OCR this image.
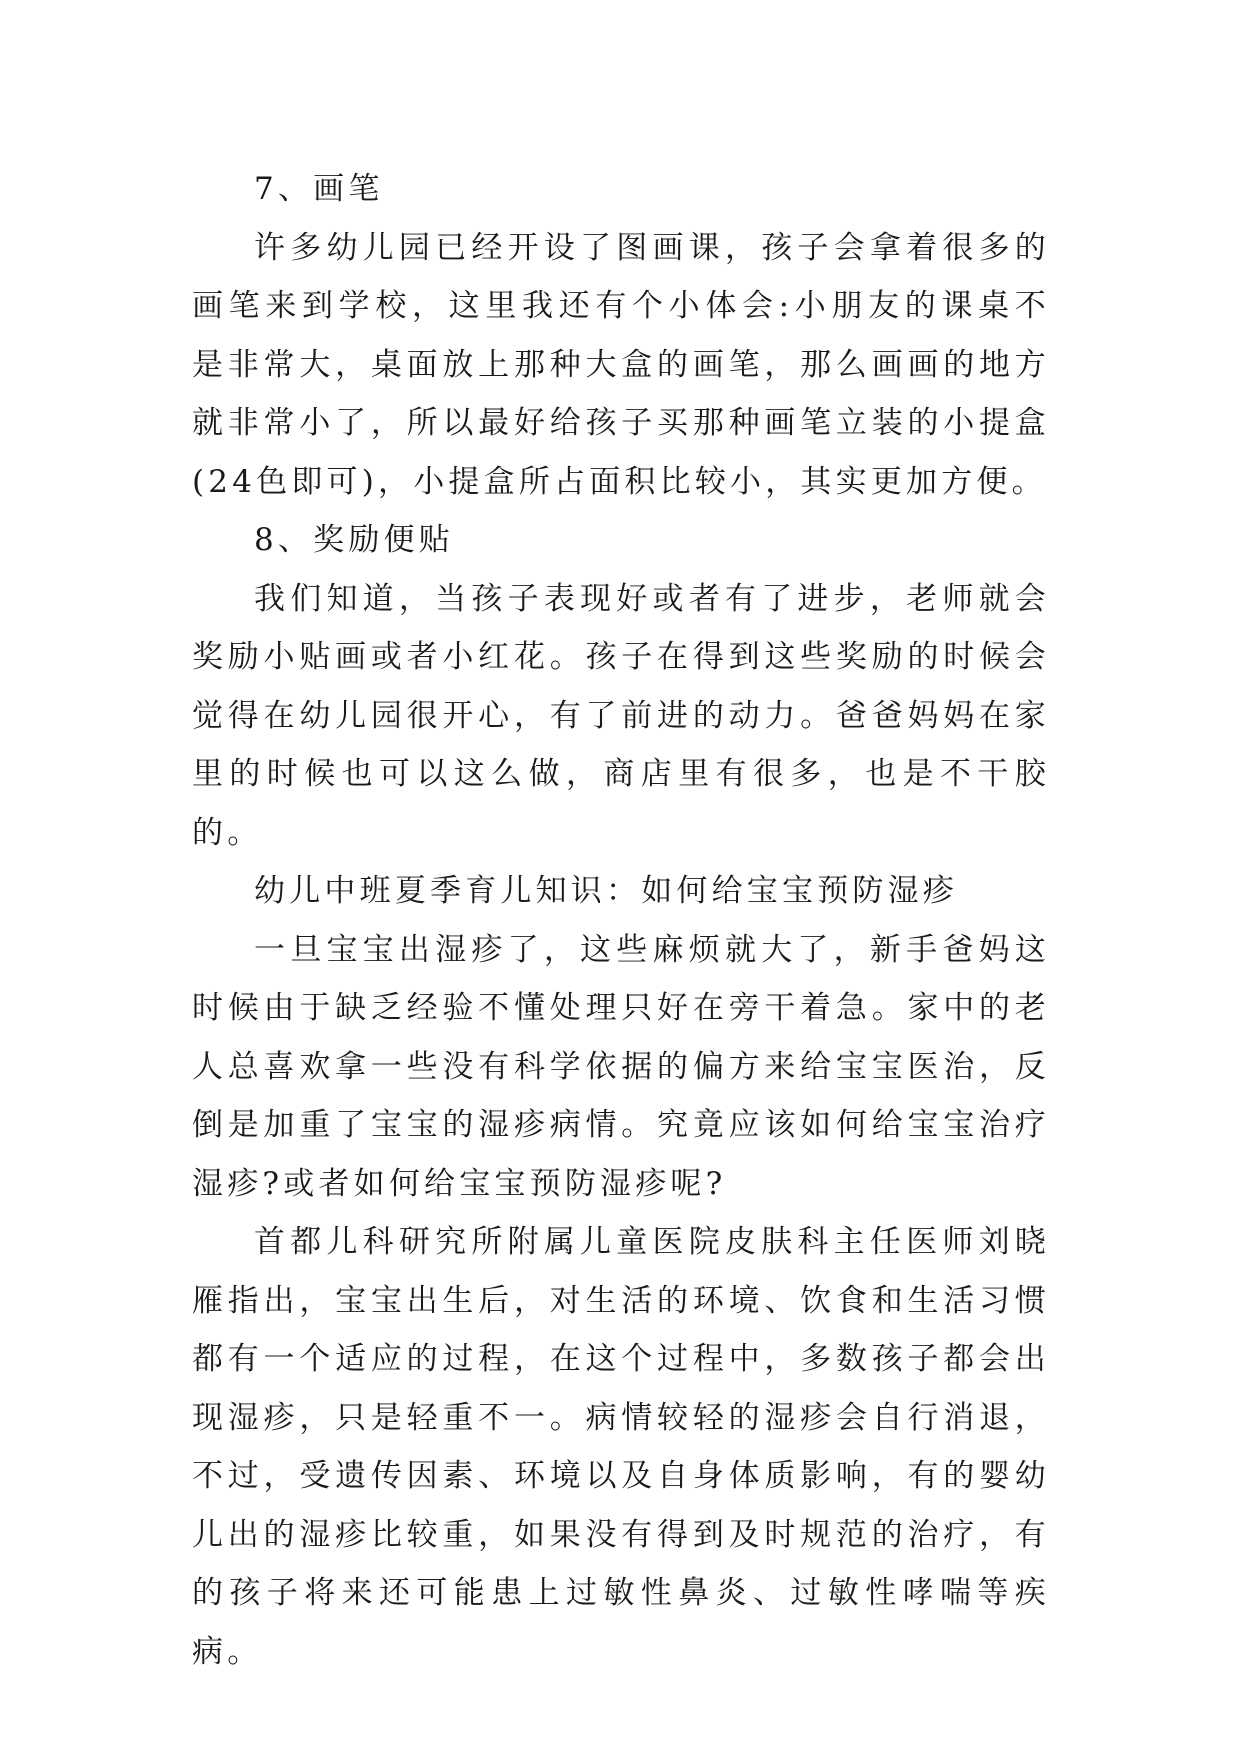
7、画笔

许多幼儿园已经开设了图画课，孩子会拿着很多的画笔来到学校，这里我还有个小体会:小朋友的课桌不是非常大，桌面放上那种大盒的画笔，那么画画的地方就非常小了，所以最好给孩子买那种画笔立装的小提盒(24色即可)，小提盒所占面积比较小，其实更加方便。

8、奖励便贴

我们知道，当孩子表现好或者有了进步，老师就会奖励小贴画或者小红花。孩子在得到这些奖励的时候会觉得在幼儿园很开心，有了前进的动力。爸爸妈妈在家里的时候也可以这么做，商店里有很多，也是不干胶的。

幼儿中班夏季育儿知识：如何给宝宝预防湿疹

一旦宝宝出湿疹了，这些麻烦就大了，新手爸妈这时候由于缺乏经验不懂处理只好在旁干着急。家中的老人总喜欢拿一些没有科学依据的偏方来给宝宝医治，反倒是加重了宝宝的湿疹病情。究竟应该如何给宝宝治疗湿疹?或者如何给宝宝预防湿疹呢?

首都儿科研究所附属儿童医院皮肤科主任医师刘晓雁指出，宝宝出生后，对生活的环境、饮食和生活习惯都有一个适应的过程，在这个过程中，多数孩子都会出现湿疹，只是轻重不一。病情较轻的湿疹会自行消退，不过，受遗传因素、环境以及自身体质影响，有的婴幼儿出的湿疹比较重，如果没有得到及时规范的治疗，有的孩子将来还可能患上过敏性鼻炎、过敏性哮喘等疾病。
